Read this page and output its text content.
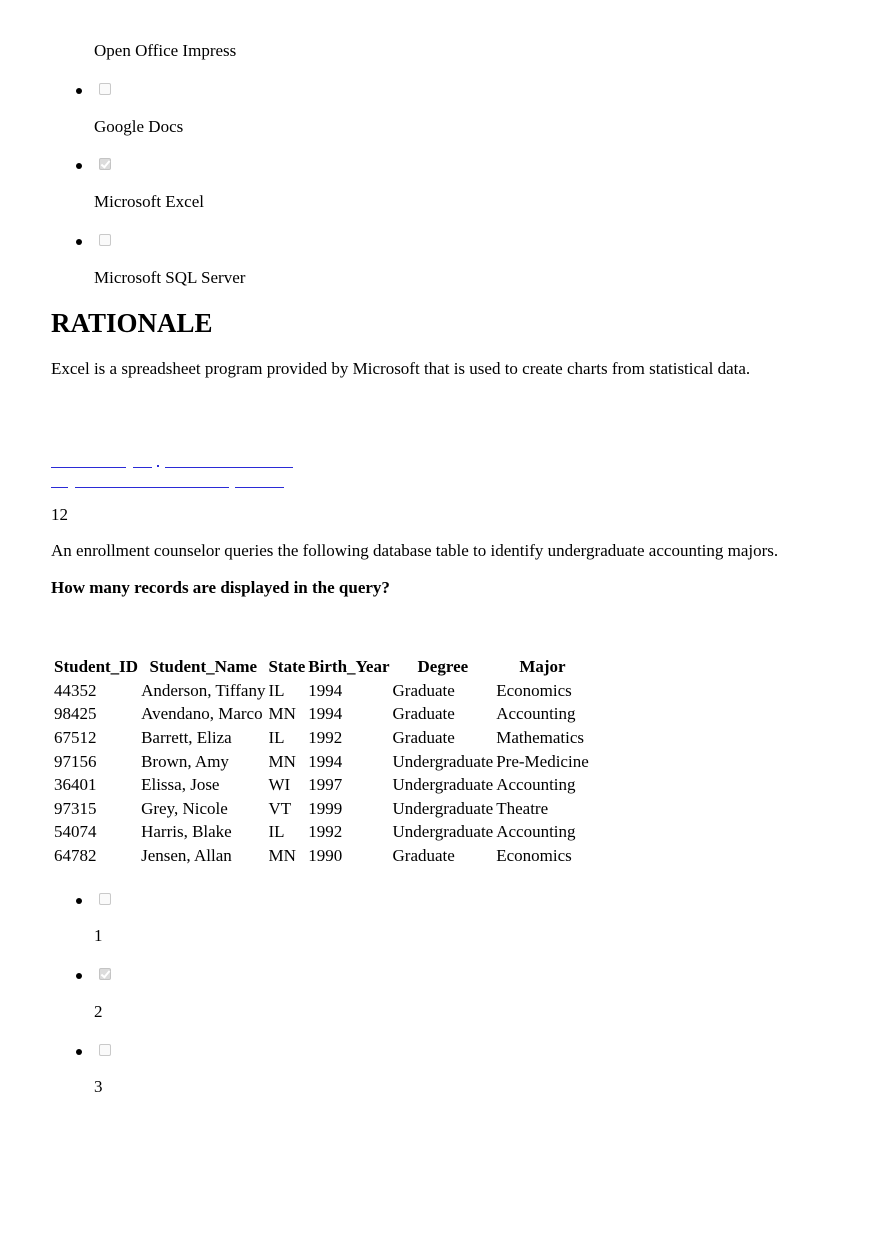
Open Office Impress
Google Docs
Microsoft Excel
Microsoft SQL Server
RATIONALE
Excel is a spreadsheet program provided by Microsoft that is used to create charts from statistical data.
12
An enrollment counselor queries the following database table to identify undergraduate accounting majors.
How many records are displayed in the query?
Student_ID	Student_Name	State	Birth_Year	Degree	Major
44352	Anderson, Tiffany	IL	1994	Graduate	Economics
98425	Avendano, Marco	MN	1994	Graduate	Accounting
67512	Barrett, Eliza	IL	1992	Graduate	Mathematics
97156	Brown, Amy	MN	1994	Undergraduate	Pre-Medicine
36401	Elissa, Jose	WI	1997	Undergraduate	Accounting
97315	Grey, Nicole	VT	1999	Undergraduate	Theatre
54074	Harris, Blake	IL	1992	Undergraduate	Accounting
64782	Jensen, Allan	MN	1990	Graduate	Economics
1
2
3
